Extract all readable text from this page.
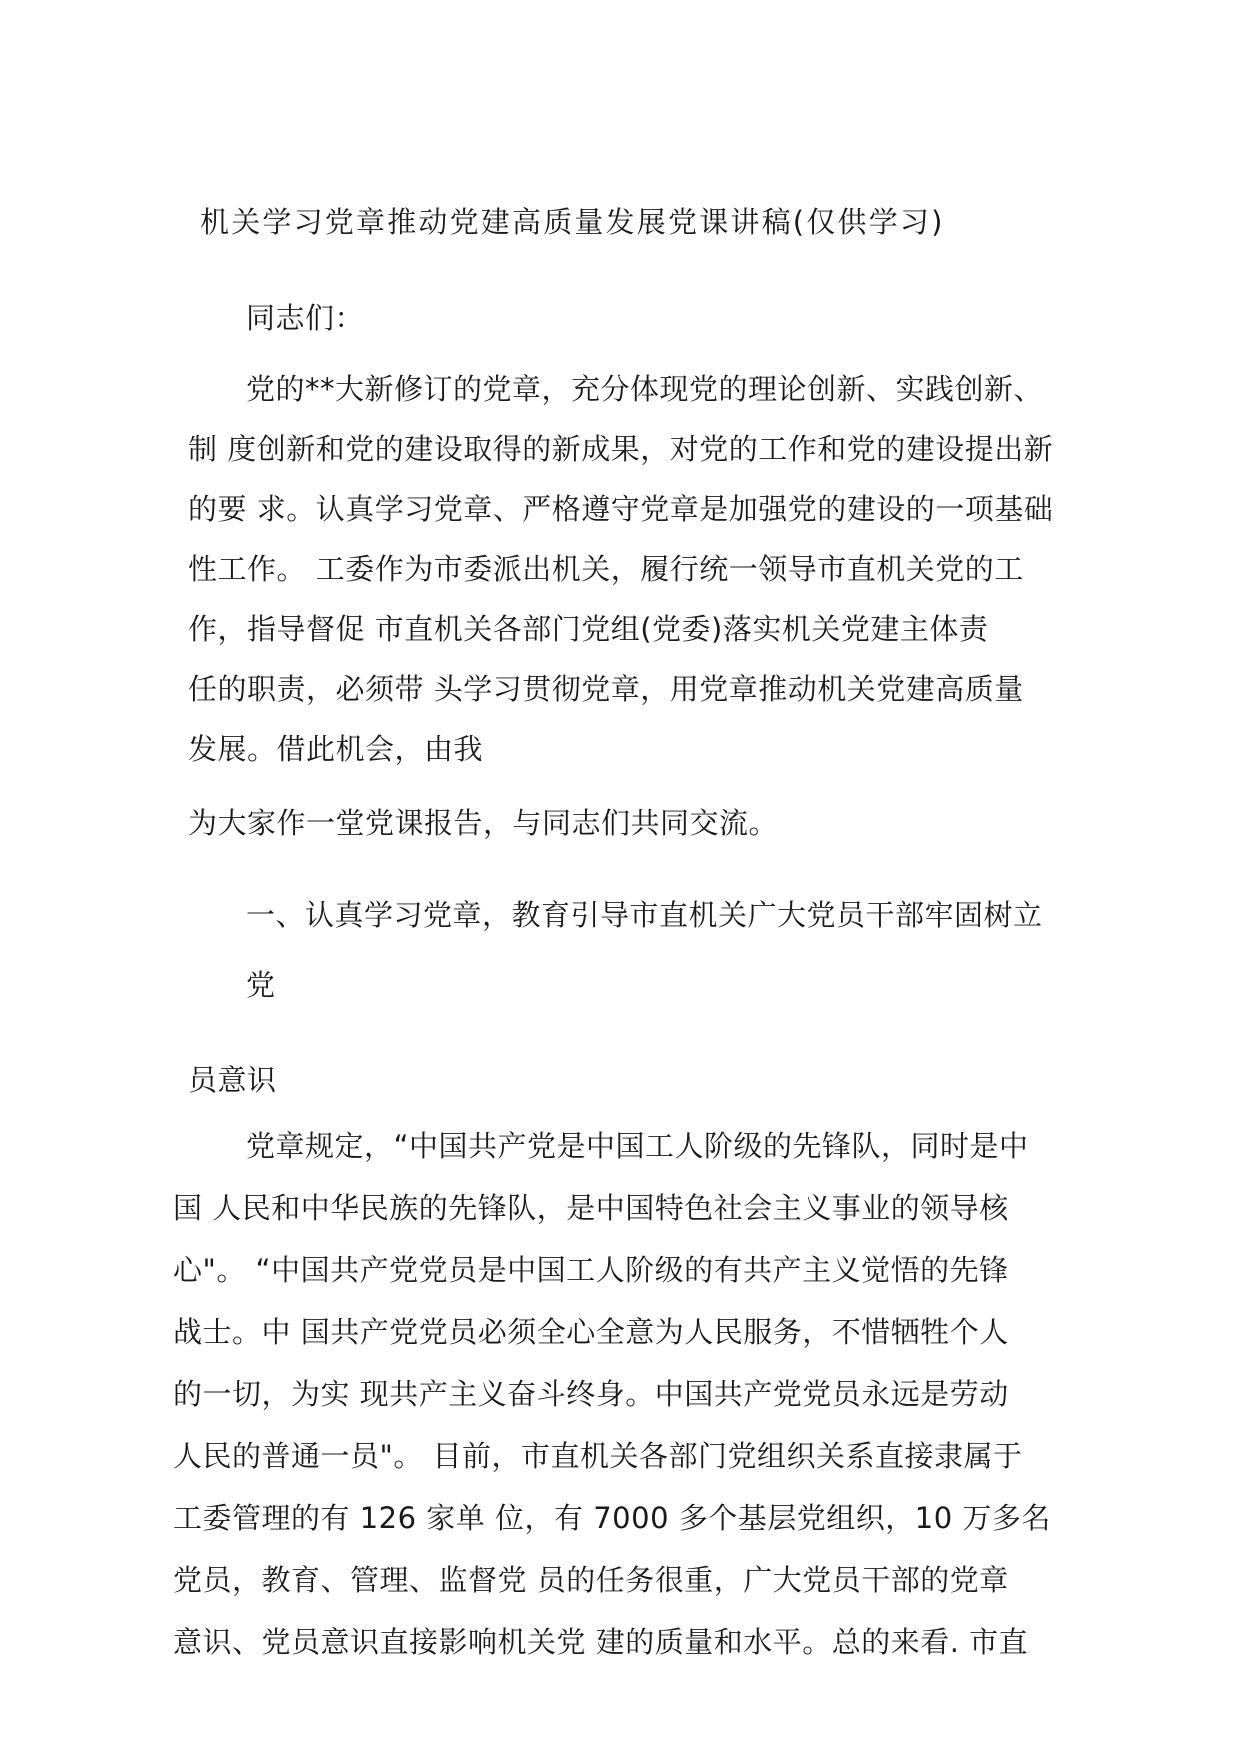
机关学习党章推动党建高质量发展党课讲稿(仅供学习)
同志们：
党的**大新修订的党章，充分体现党的理论创新、实践创新、
制 度创新和党的建设取得的新成果，对党的工作和党的建设提出新
的要 求。认真学习党章、严格遵守党章是加强党的建设的一项基础
性工作。 工委作为市委派出机关，履行统一领导市直机关党的工
作，指导督促 市直机关各部门党组(党委)落实机关党建主体责
任的职责，必须带 头学习贯彻党章，用党章推动机关党建高质量
发展。借此机会，由我
为大家作一堂党课报告，与同志们共同交流。
一、认真学习党章，教育引导市直机关广大党员干部牢固树立
党
员意识
党章规定，“中国共产党是中国工人阶级的先锋队，同时是中
国 人民和中华民族的先锋队，是中国特色社会主义事业的领导核
心"。 “中国共产党党员是中国工人阶级的有共产主义觉悟的先锋
战士。中 国共产党党员必须全心全意为人民服务，不惜牺牲个人
的一切，为实 现共产主义奋斗终身。中国共产党党员永远是劳动
人民的普通一员"。 目前，市直机关各部门党组织关系直接隶属于
工委管理的有 126 家单 位，有 7000 多个基层党组织，10 万多名
党员，教育、管理、监督党 员的任务很重，广大党员干部的党章
意识、党员意识直接影响机关党 建的质量和水平。总的来看. 市直
